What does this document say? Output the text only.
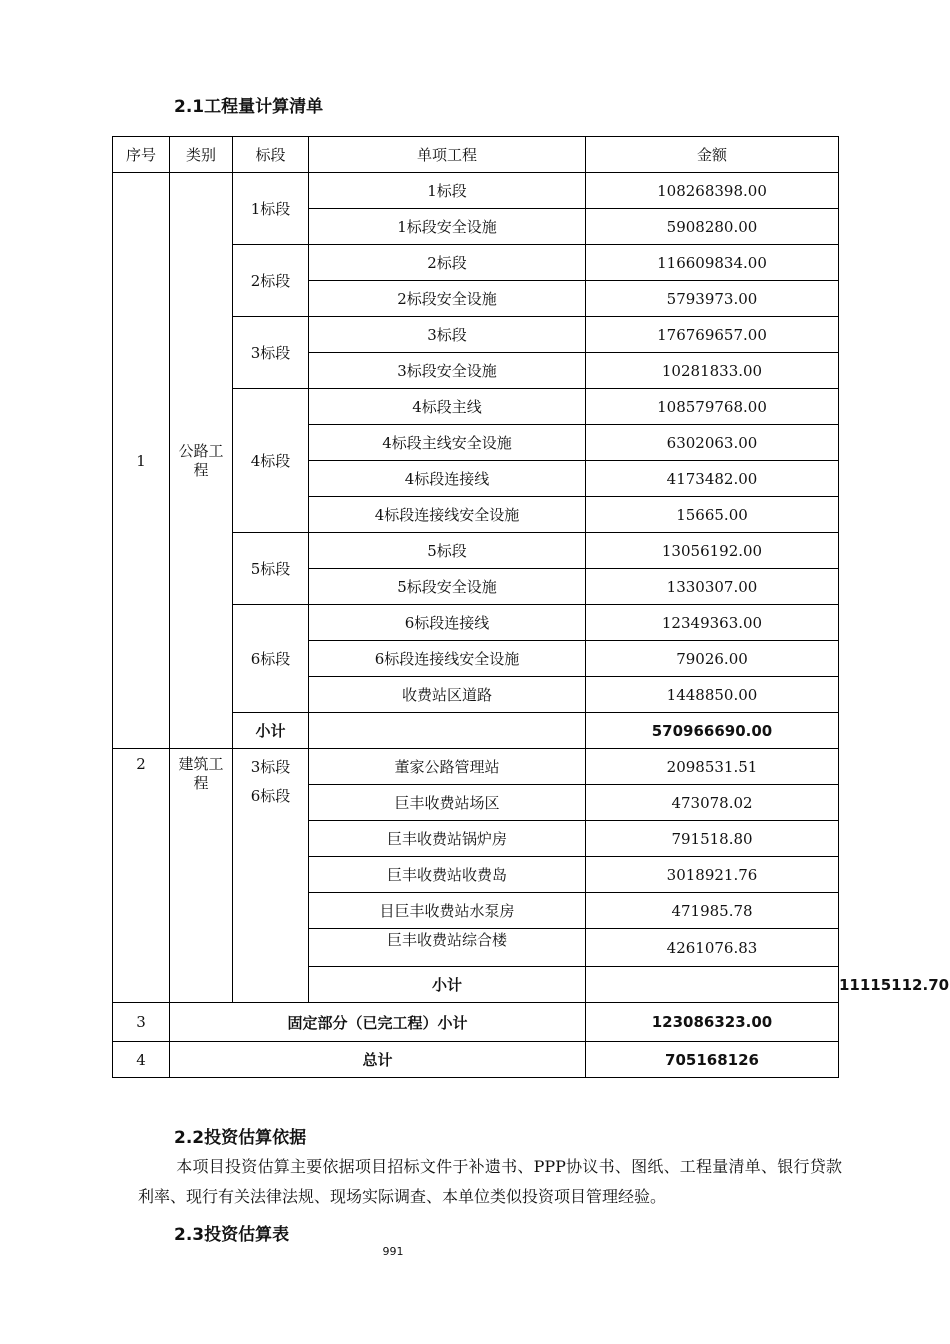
2.1工程量计算清单
序号	类别	标段	单项工程	金额	
1	公路工程	1标段	1标段	108268398.00	
			1标段安全设施	5908280.00	
		2标段	2标段	116609834.00	
			2标段安全设施	5793973.00	
		3标段	3标段	176769657.00	
			3标段安全设施	10281833.00	
		4标段	4标段主线	108579768.00	
			4标段主线安全设施	6302063.00	
			4标段连接线	4173482.00	
			4标段连接线安全设施	15665.00	
		5标段	5标段	13056192.00	
			5标段安全设施	1330307.00	
		6标段	6标段连接线	12349363.00	
			6标段连接线安全设施	79026.00	
			收费站区道路	1448850.00	
		小计		570966690.00	
2	建筑工程	3标段	董家公路管理站	2098531.51	
		6标段	巨丰收费站场区	473078.02	
			巨丰收费站锅炉房	791518.80	
			巨丰收费站收费岛	3018921.76	
			目巨丰收费站水泵房	471985.78	
			巨丰收费站综合楼	4261076.83	
			小计		11115112.70
3	固定部分（已完工程）小计			123086323.00	
4	总计			705168126	
2.2投资估算依据
本项目投资估算主要依据项目招标文件于补遗书、PPP协议书、图纸、工程量清单、银行贷款利率、现行有关法律法规、现场实际调查、本单位类似投资项目管理经验。
2.3投资估算表
991
